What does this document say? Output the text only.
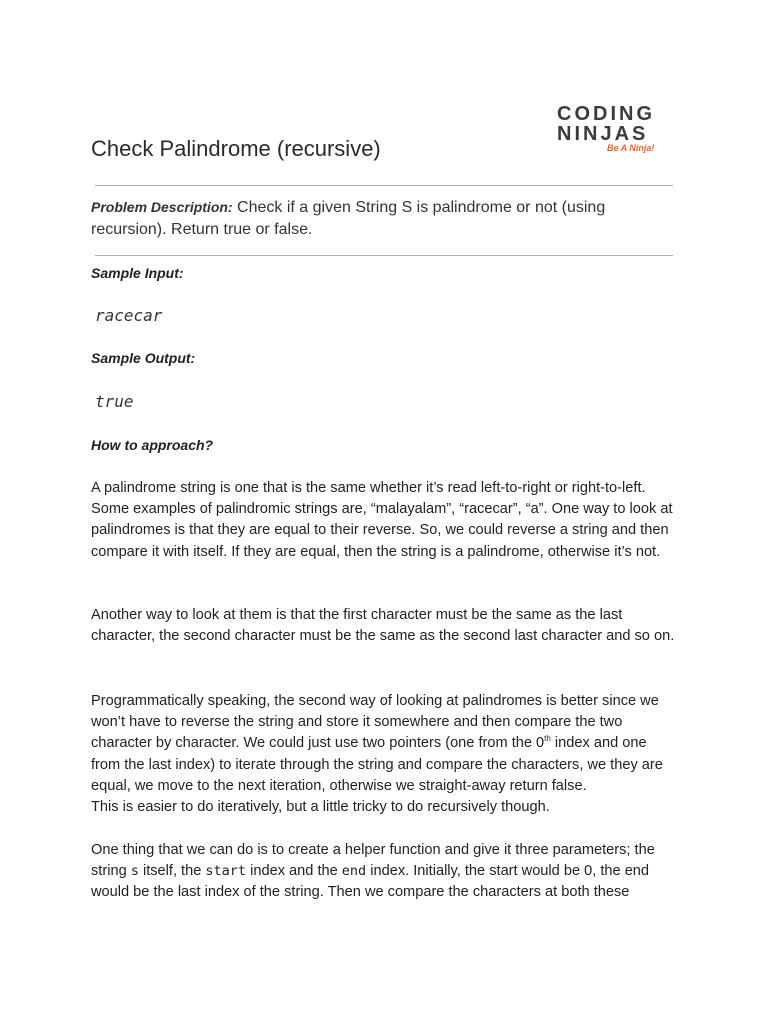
CODING
NINJAS
Be A Ninja!
Check Palindrome (recursive)
Problem Description: Check if a given String S is palindrome or not (using recursion). Return true or false.
Sample Input:
racecar
Sample Output:
true
How to approach?

A palindrome string is one that is the same whether it’s read left-to-right or right-to-left. Some examples of palindromic strings are, “malayalam”, “racecar”, “a”. One way to look at palindromes is that they are equal to their reverse. So, we could reverse a string and then compare it with itself. If they are equal, then the string is a palindrome, otherwise it’s not.

Another way to look at them is that the first character must be the same as the last character, the second character must be the same as the second last character and so on.

Programmatically speaking, the second way of looking at palindromes is better since we won’t have to reverse the string and store it somewhere and then compare the two character by character. We could just use two pointers (one from the 0th index and one from the last index) to iterate through the string and compare the characters, we they are equal, we move to the next iteration, otherwise we straight-away return false.
This is easier to do iteratively, but a little tricky to do recursively though.

One thing that we can do is to create a helper function and give it three parameters; the string s itself, the start index and the end index. Initially, the start would be 0, the end would be the last index of the string. Then we compare the characters at both these
